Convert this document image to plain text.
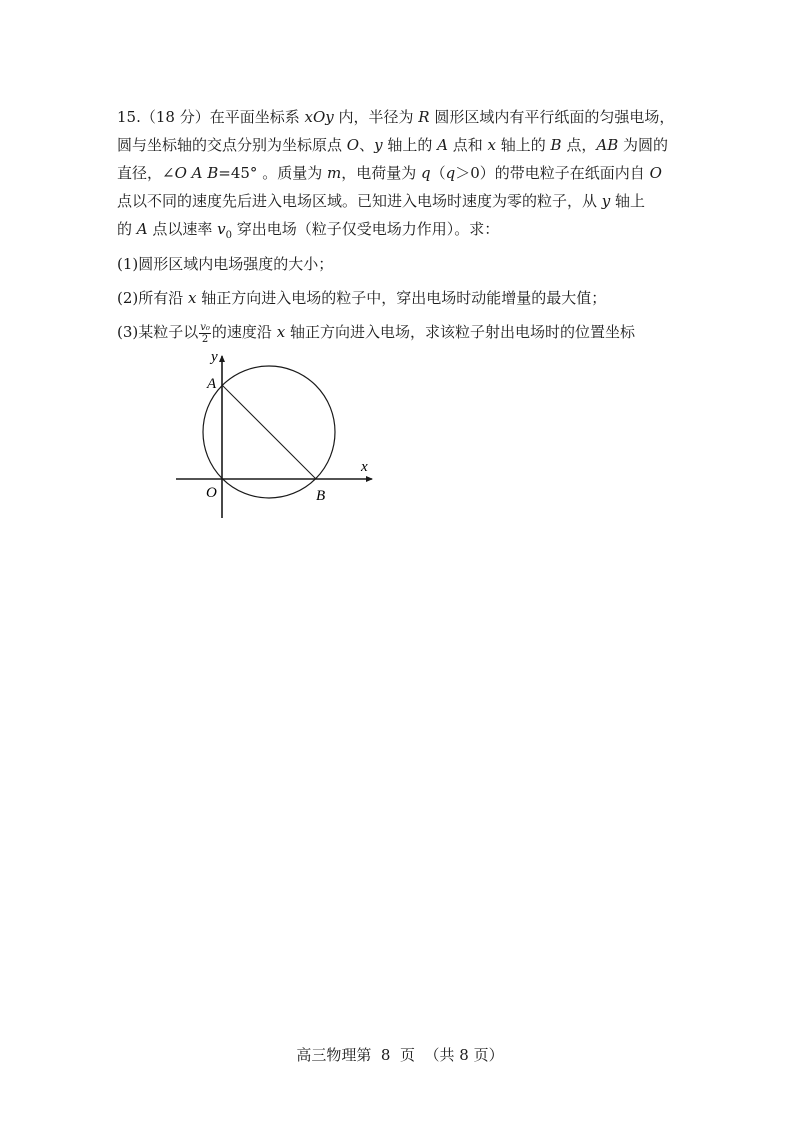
15.（18 分）在平面坐标系 xOy 内，半径为 R 圆形区域内有平行纸面的匀强电场，

圆与坐标轴的交点分别为坐标原点 O、y 轴上的 A 点和 x 轴上的 B 点，AB 为圆的

直径，∠O A B=45° 。质量为 m，电荷量为 q（q＞0）的带电粒子在纸面内自 O

点以不同的速度先后进入电场区域。已知进入电场时速度为零的粒子，从 y 轴上

的 A 点以速率 $v_0$ 穿出电场（粒子仅受电场力作用）。求：

(1)圆形区域内电场强度的大小；

(2)所有沿 x 轴正方向进入电场的粒子中，穿出电场时动能增量的最大值；

(3)某粒子以 $\frac{\text{v₀}}{2}$ 的速度沿 x 轴正方向进入电场，求该粒子射出电场时的位置坐标

y
x
A
O	B
高三物理第  8  页 （共 8 页）
